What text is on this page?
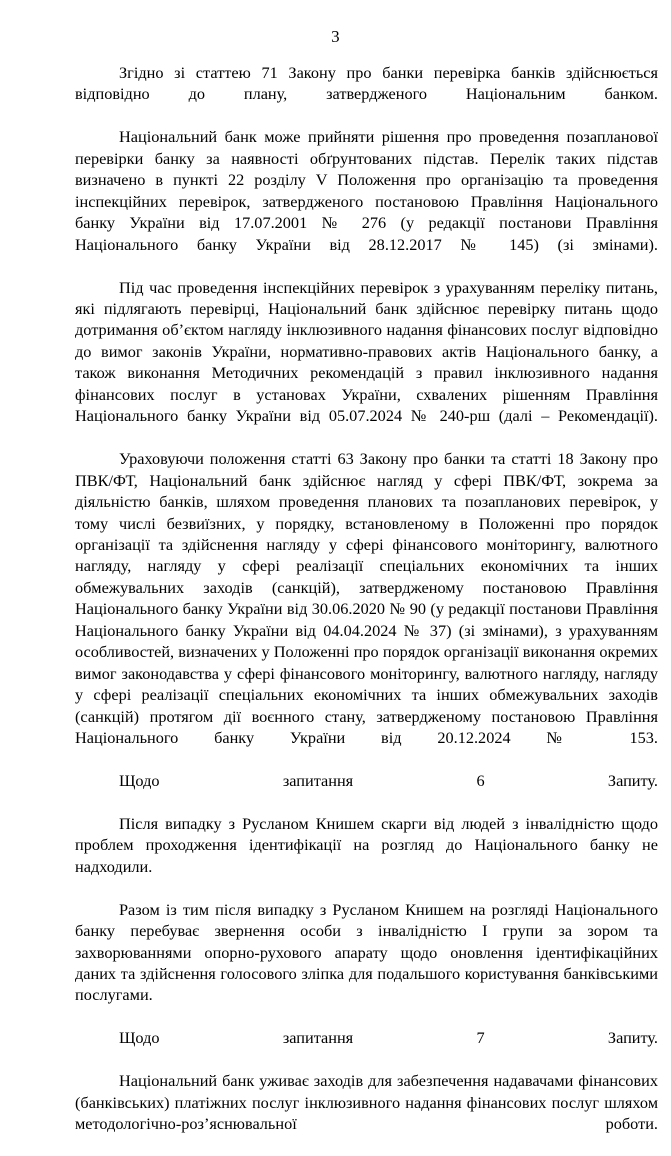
3

Згідно зі статтею 71 Закону про банки перевірка банків здійснюється відповідно до плану, затвердженого Національним банком.

Національний банк може прийняти рішення про проведення позапланової перевірки банку за наявності обґрунтованих підстав. Перелік таких підстав визначено в пункті 22 розділу V Положення про організацію та проведення інспекційних перевірок, затвердженого постановою Правління Національного банку України від 17.07.2001 № 276 (у редакції постанови Правління Національного банку України від 28.12.2017 № 145) (зі змінами).

Під час проведення інспекційних перевірок з урахуванням переліку питань, які підлягають перевірці, Національний банк здійснює перевірку питань щодо дотримання об’єктом нагляду інклюзивного надання фінансових послуг відповідно до вимог законів України, нормативно-правових актів Національного банку, а також виконання Методичних рекомендацій з правил інклюзивного надання фінансових послуг в установах України, схвалених рішенням Правління Національного банку України від 05.07.2024 № 240-рш (далі – Рекомендації).

Ураховуючи положення статті 63 Закону про банки та статті 18 Закону про ПВК/ФТ, Національний банк здійснює нагляд у сфері ПВК/ФТ, зокрема за діяльністю банків, шляхом проведення планових та позапланових перевірок, у тому числі безвиїзних, у порядку, встановленому в Положенні про порядок організації та здійснення нагляду у сфері фінансового моніторингу, валютного нагляду, нагляду у сфері реалізації спеціальних економічних та інших обмежувальних заходів (санкцій), затвердженому постановою Правління Національного банку України від 30.06.2020 № 90 (у редакції постанови Правління Національного банку України від 04.04.2024 № 37) (зі змінами), з урахуванням особливостей, визначених у Положенні про порядок організації виконання окремих вимог законодавства у сфері фінансового моніторингу, валютного нагляду, нагляду у сфері реалізації спеціальних економічних та інших обмежувальних заходів (санкцій) протягом дії воєнного стану, затвердженому постановою Правління Національного банку України від 20.12.2024 № 153.

Щодо запитання 6 Запиту.

Після випадку з Русланом Книшем скарги від людей з інвалідністю щодо проблем проходження ідентифікації на розгляд до Національного банку не надходили.

Разом із тим після випадку з Русланом Книшем на розгляді Національного банку перебуває звернення особи з інвалідністю I групи за зором та захворюваннями опорно-рухового апарату щодо оновлення ідентифікаційних даних та здійснення голосового зліпка для подальшого користування банківськими послугами.

Щодо запитання 7 Запиту.

Національний банк уживає заходів для забезпечення надавачами фінансових (банківських) платіжних послуг інклюзивного надання фінансових послуг шляхом методологічно-роз’яснювальної роботи.
